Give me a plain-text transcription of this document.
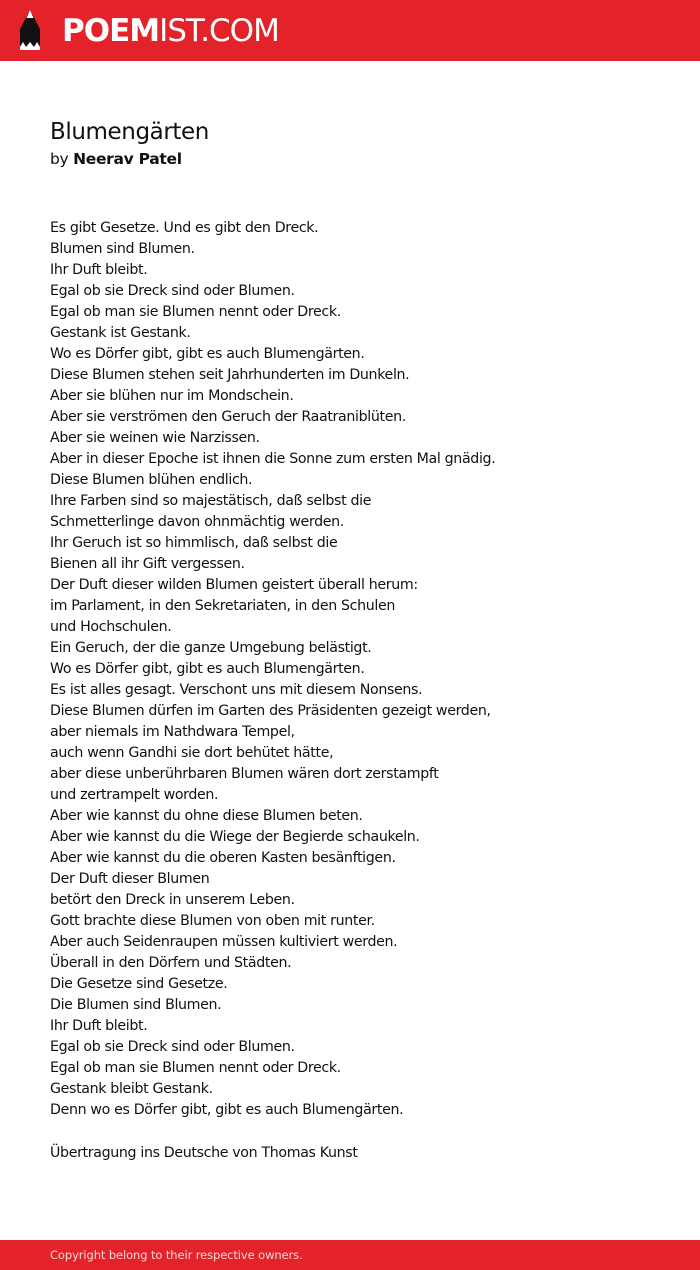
POEMIST.COM
Blumengärten
by Neerav Patel
Es gibt Gesetze. Und es gibt den Dreck.
Blumen sind Blumen.
Ihr Duft bleibt.
Egal ob sie Dreck sind oder Blumen.
Egal ob man sie Blumen nennt oder Dreck.
Gestank ist Gestank.
Wo es Dörfer gibt, gibt es auch Blumengärten.
Diese Blumen stehen seit Jahrhunderten im Dunkeln.
Aber sie blühen nur im Mondschein.
Aber sie verströmen den Geruch der Raatraniblüten.
Aber sie weinen wie Narzissen.
Aber in dieser Epoche ist ihnen die Sonne zum ersten Mal gnädig.
Diese Blumen blühen endlich.
Ihre Farben sind so majestätisch, daß selbst die
Schmetterlinge davon ohnmächtig werden.
Ihr Geruch ist so himmlisch, daß selbst die
Bienen all ihr Gift vergessen.
Der Duft dieser wilden Blumen geistert überall herum:
im Parlament, in den Sekretariaten, in den Schulen
und Hochschulen.
Ein Geruch, der die ganze Umgebung belästigt.
Wo es Dörfer gibt, gibt es auch Blumengärten.
Es ist alles gesagt. Verschont uns mit diesem Nonsens.
Diese Blumen dürfen im Garten des Präsidenten gezeigt werden,
aber niemals im Nathdwara Tempel,
auch wenn Gandhi sie dort behütet hätte,
aber diese unberührbaren Blumen wären dort zerstampft
und zertrampelt worden.
Aber wie kannst du ohne diese Blumen beten.
Aber wie kannst du die Wiege der Begierde schaukeln.
Aber wie kannst du die oberen Kasten besänftigen.
Der Duft dieser Blumen
betört den Dreck in unserem Leben.
Gott brachte diese Blumen von oben mit runter.
Aber auch Seidenraupen müssen kultiviert werden.
Überall in den Dörfern und Städten.
Die Gesetze sind Gesetze.
Die Blumen sind Blumen.
Ihr Duft bleibt.
Egal ob sie Dreck sind oder Blumen.
Egal ob man sie Blumen nennt oder Dreck.
Gestank bleibt Gestank.
Denn wo es Dörfer gibt, gibt es auch Blumengärten.
Übertragung ins Deutsche von Thomas Kunst
Copyright belong to their respective owners.
